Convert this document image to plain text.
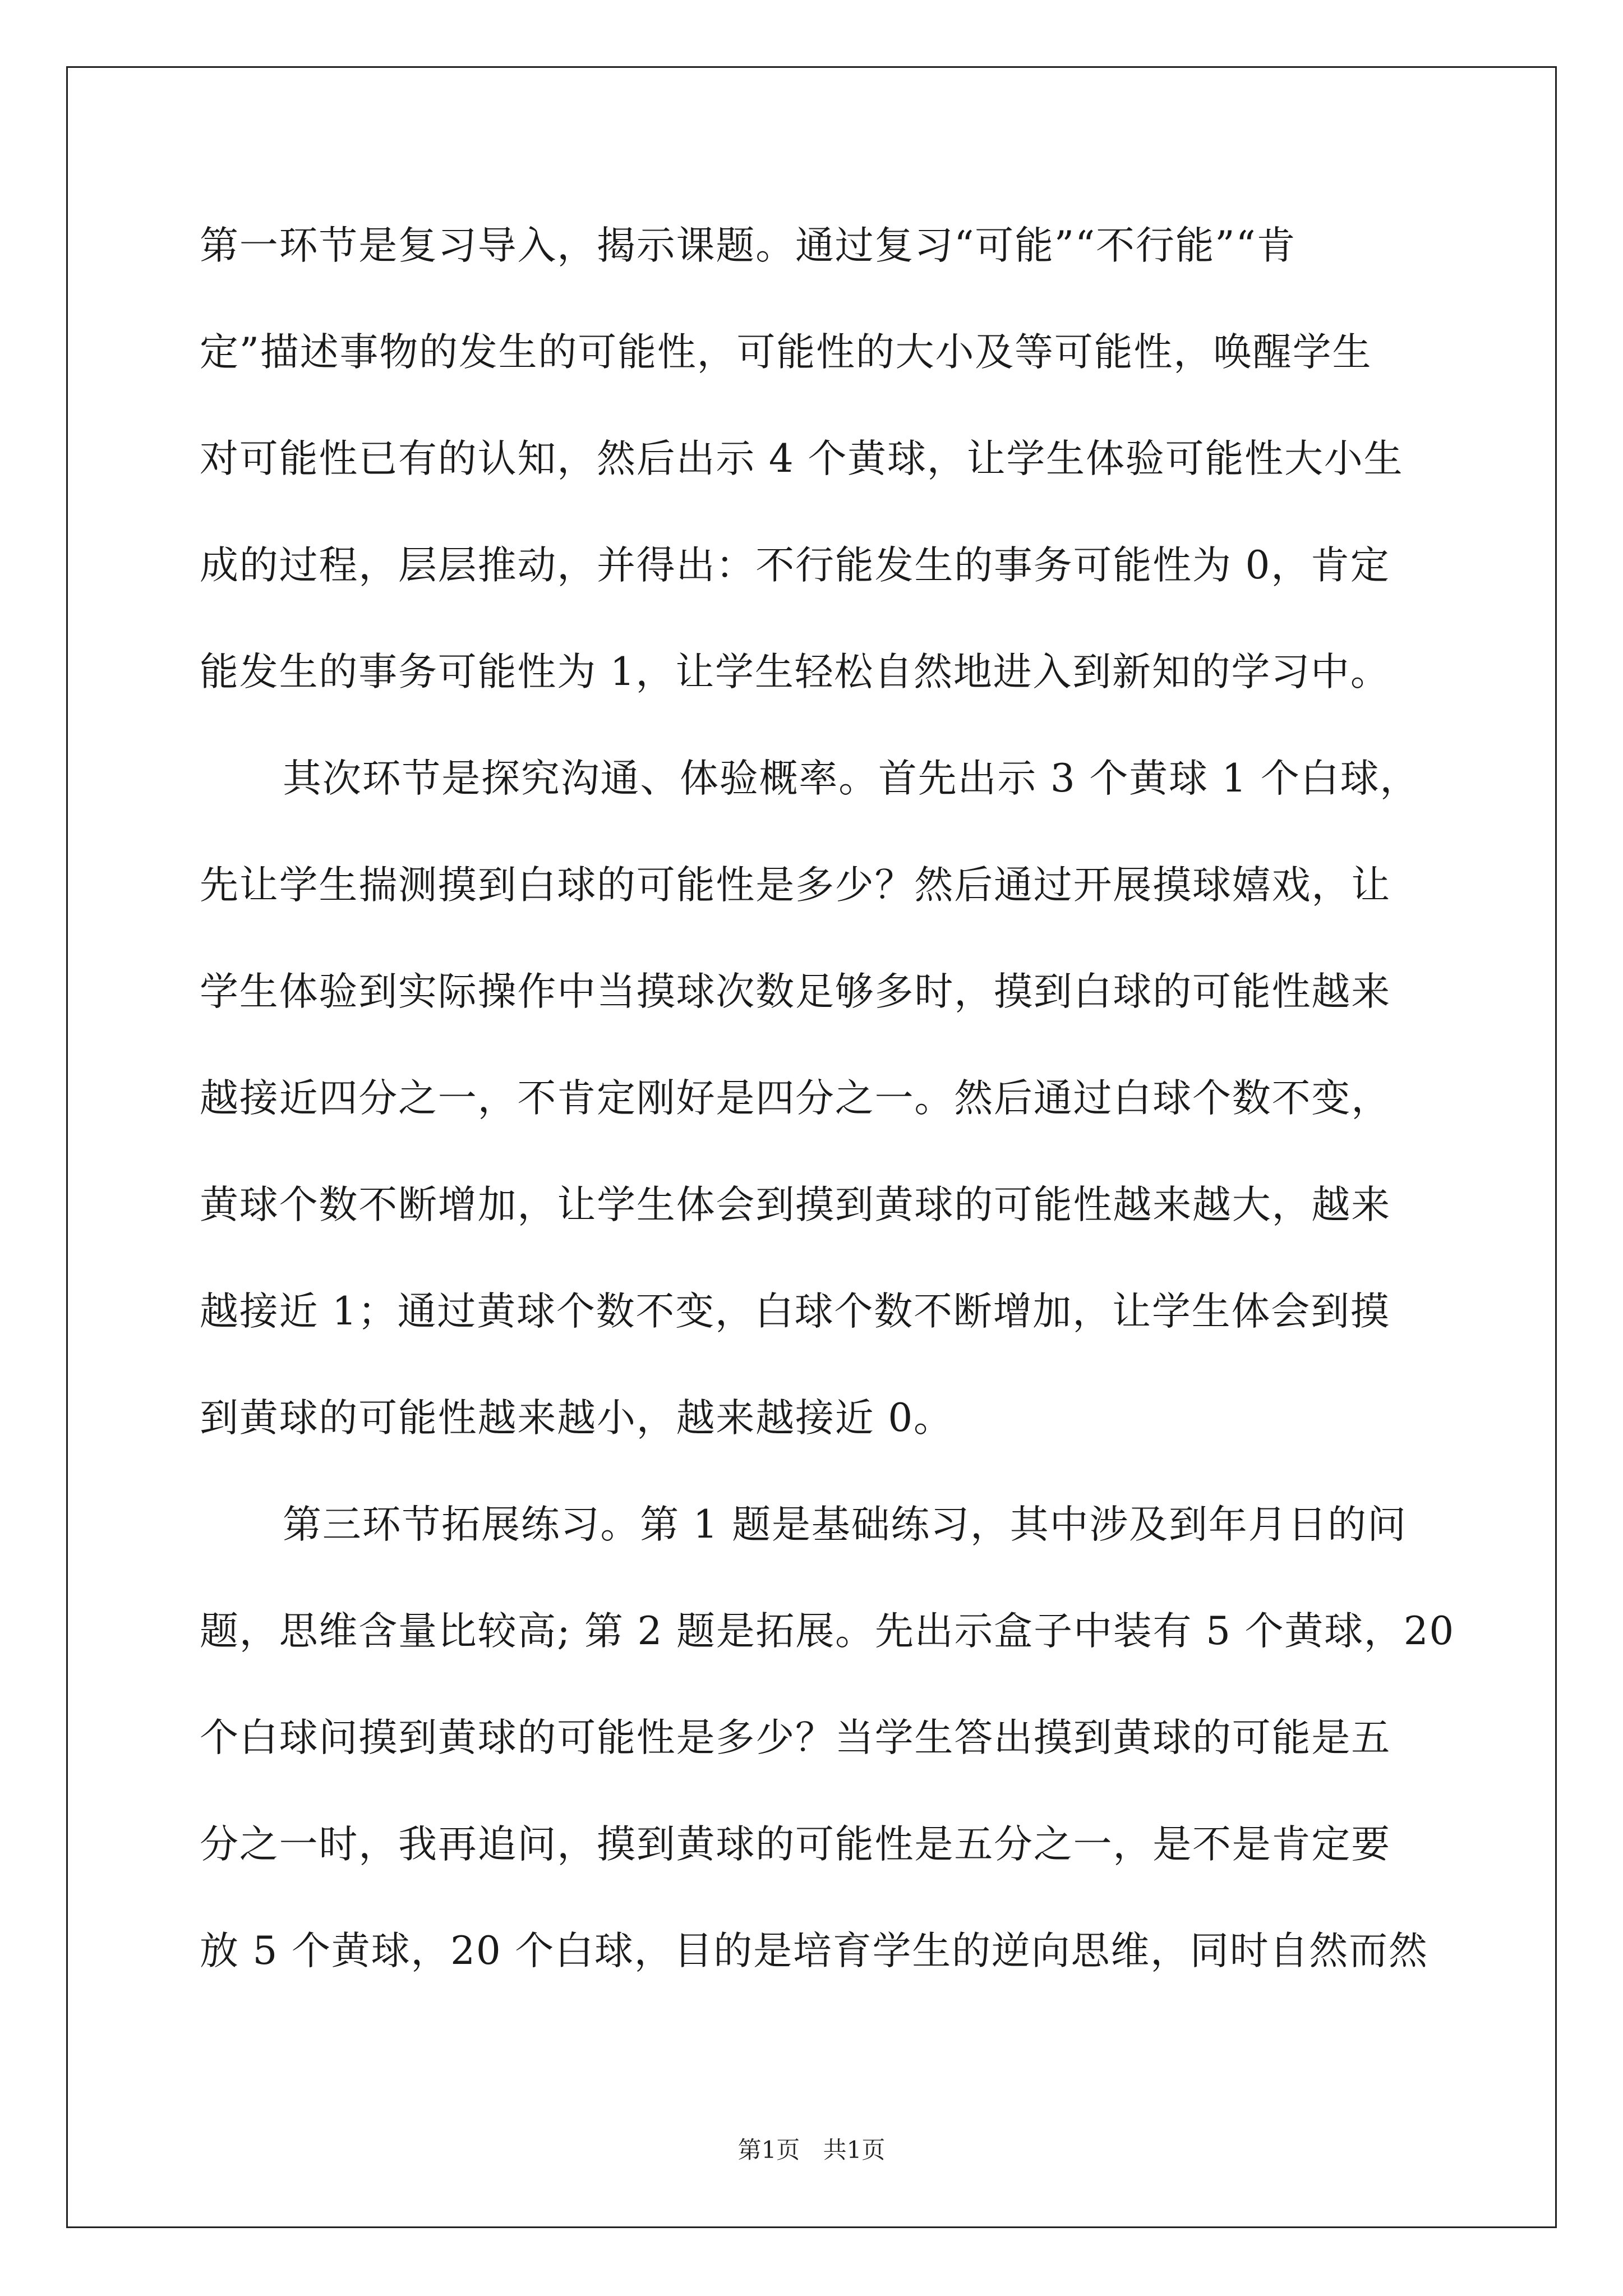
第一环节是复习导入，揭示课题。通过复习“可能”“不行能”“肯
定”描述事物的发生的可能性，可能性的大小及等可能性，唤醒学生
对可能性已有的认知，然后出示 4 个黄球，让学生体验可能性大小生
成的过程，层层推动，并得出：不行能发生的事务可能性为 0，肯定
能发生的事务可能性为 1，让学生轻松自然地进入到新知的学习中。
其次环节是探究沟通、体验概率。首先出示 3 个黄球 1 个白球，
先让学生揣测摸到白球的可能性是多少？然后通过开展摸球嬉戏，让
学生体验到实际操作中当摸球次数足够多时，摸到白球的可能性越来
越接近四分之一，不肯定刚好是四分之一。然后通过白球个数不变，
黄球个数不断增加，让学生体会到摸到黄球的可能性越来越大，越来
越接近 1；通过黄球个数不变，白球个数不断增加，让学生体会到摸
到黄球的可能性越来越小，越来越接近 0。
第三环节拓展练习。第 1 题是基础练习，其中涉及到年月日的问
题，思维含量比较高; 第 2 题是拓展。先出示盒子中装有 5 个黄球，20
个白球问摸到黄球的可能性是多少？当学生答出摸到黄球的可能是五
分之一时，我再追问，摸到黄球的可能性是五分之一，是不是肯定要
放 5 个黄球，20 个白球，目的是培育学生的逆向思维，同时自然而然
第1页 共1页
